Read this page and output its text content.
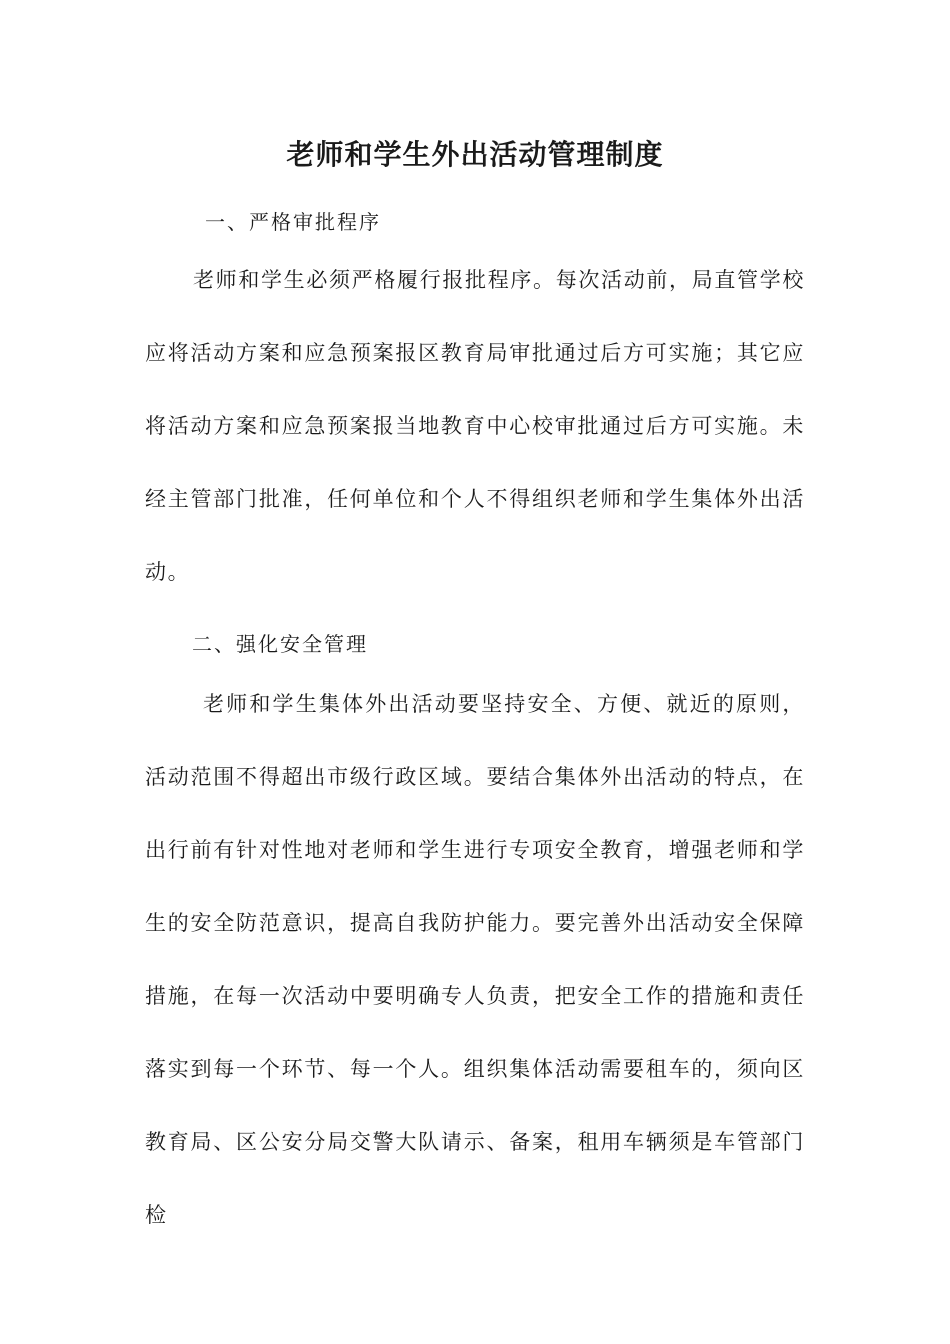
老师和学生外出活动管理制度
一、严格审批程序

老师和学生必须严格履行报批程序。每次活动前，局直管学校应将活动方案和应急预案报区教育局审批通过后方可实施；其它应将活动方案和应急预案报当地教育中心校审批通过后方可实施。未经主管部门批准，任何单位和个人不得组织老师和学生集体外出活动。

二、强化安全管理

老师和学生集体外出活动要坚持安全、方便、就近的原则，活动范围不得超出市级行政区域。要结合集体外出活动的特点，在出行前有针对性地对老师和学生进行专项安全教育，增强老师和学生的安全防范意识，提高自我防护能力。要完善外出活动安全保障措施，在每一次活动中要明确专人负责，把安全工作的措施和责任落实到每一个环节、每一个人。组织集体活动需要租车的，须向区教育局、区公安分局交警大队请示、备案，租用车辆须是车管部门检
